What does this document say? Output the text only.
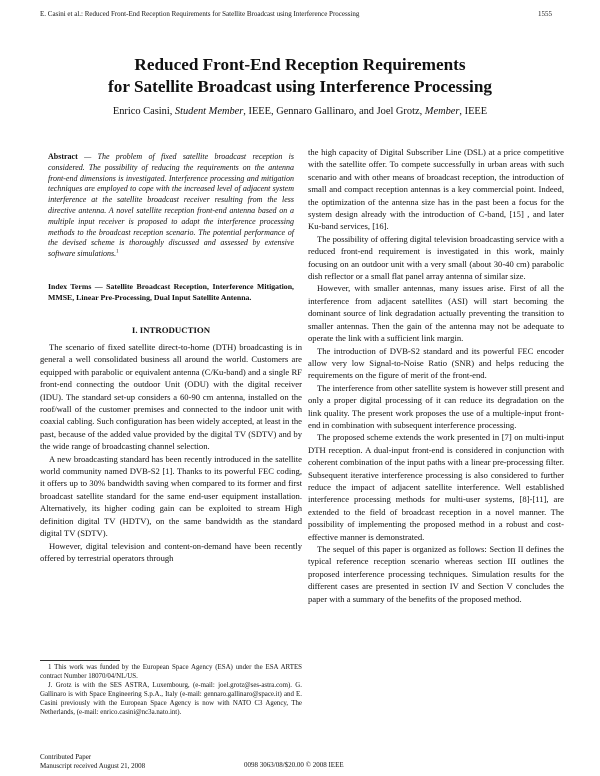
E. Casini et al.: Reduced Front-End Reception Requirements for Satellite Broadcast using Interference Processing	1555
Reduced Front-End Reception Requirements
for Satellite Broadcast using Interference Processing
Enrico Casini, Student Member, IEEE, Gennaro Gallinaro, and Joel Grotz, Member, IEEE
Abstract — The problem of fixed satellite broadcast reception is considered. The possibility of reducing the requirements on the antenna front-end dimensions is investigated. Interference processing and mitigation techniques are employed to cope with the increased level of adjacent system interference at the satellite broadcast receiver resulting from the less directive antenna. A novel satellite reception front-end antenna based on a multiple input receiver is proposed to adapt the interference processing methods to the broadcast reception scenario. The potential performance of the devised scheme is thoroughly discussed and assessed by extensive software simulations.$^1$
Index Terms — Satellite Broadcast Reception, Interference Mitigation, MMSE, Linear Pre-Processing, Dual Input Satellite Antenna.
I. INTRODUCTION

The scenario of fixed satellite direct-to-home (DTH) broadcasting is in general a well consolidated business all around the world. Customers are equipped with parabolic or equivalent antenna (C/Ku-band) and a single RF front-end connecting the outdoor Unit (ODU) with the digital receiver (IDU). The standard set-up considers a 60-90 cm antenna, installed on the roof/wall of the customer premises and connected to the indoor unit with coaxial cabling. Such configuration has been widely accepted, at least in the past, because of the added value provided by the digital TV (SDTV) and by the wide range of broadcasting channel selection.

A new broadcasting standard has been recently introduced in the satellite world community named DVB-S2 [1]. Thanks to its powerful FEC coding, it offers up to 30% bandwidth saving when compared to its former and first broadcast satellite standard for the same end-user equipment installation. Alternatively, its higher coding gain can be exploited to stream High definition digital TV (HDTV), on the same bandwidth as the standard digital TV (SDTV).

However, digital television and content-on-demand have been recently offered by terrestrial operators through

1 This work was funded by the European Space Agency (ESA) under the ESA ARTES contract Number 18070/04/NL/US.

J. Grotz is with the SES ASTRA, Luxembourg, (e-mail: joel.grotz@ses-astra.com). G. Gallinaro is with Space Engineering S.p.A., Italy (e-mail: gennaro.gallinaro@space.it) and E. Casini previously with the European Space Agency is now with NATO C3 Agency, The Netherlands, (e-mail: enrico.casini@nc3a.nato.int).

Contributed Paper
Manuscript received August 21, 2008	0098 3063/08/$20.00 © 2008 IEEE

the high capacity of Digital Subscriber Line (DSL) at a price competitive with the satellite offer. To compete successfully in urban areas with such scenario and with other means of broadcast reception, the introduction of small and compact reception antennas is a key commercial point. Indeed, the optimization of the antenna size has in the past been a focus for the system design already with the introduction of C-band, [15] , and later Ku-band services, [16].

The possibility of offering digital television broadcasting service with a reduced front-end requirement is investigated in this work, mainly focusing on an outdoor unit with a very small (about 30-40 cm) parabolic dish reflector or a small flat panel array antenna of similar size.

However, with smaller antennas, many issues arise. First of all the interference from adjacent satellites (ASI) will start becoming the dominant source of link degradation actually preventing the transition to smaller antennas. Then the gain of the antenna may not be adequate to operate the link with a sufficient link margin.

The introduction of DVB-S2 standard and its powerful FEC encoder allow very low Signal-to-Noise Ratio (SNR) and helps reducing the requirements on the figure of merit of the front-end.

The interference from other satellite system is however still present and only a proper digital processing of it can reduce its degradation on the link quality. The present work proposes the use of a multiple-input front-end in combination with subsequent interference processing.

The proposed scheme extends the work presented in [7] on multi-input DTH reception. A dual-input front-end is considered in conjunction with coherent combination of the input paths with a linear pre-processing filter. Subsequent iterative interference processing is also considered to further reduce the impact of adjacent satellite interference. Well established interference processing methods for multi-user systems, [8]-[11], are extended to the field of broadcast reception in a novel manner. The possibility of implementing the proposed method in a robust and cost-effective manner is demonstrated.

The sequel of this paper is organized as follows: Section II defines the typical reference reception scenario whereas section III outlines the proposed interference processing techniques. Simulation results for the different cases are presented in section IV and Section V concludes the paper with a summary of the benefits of the proposed method.
